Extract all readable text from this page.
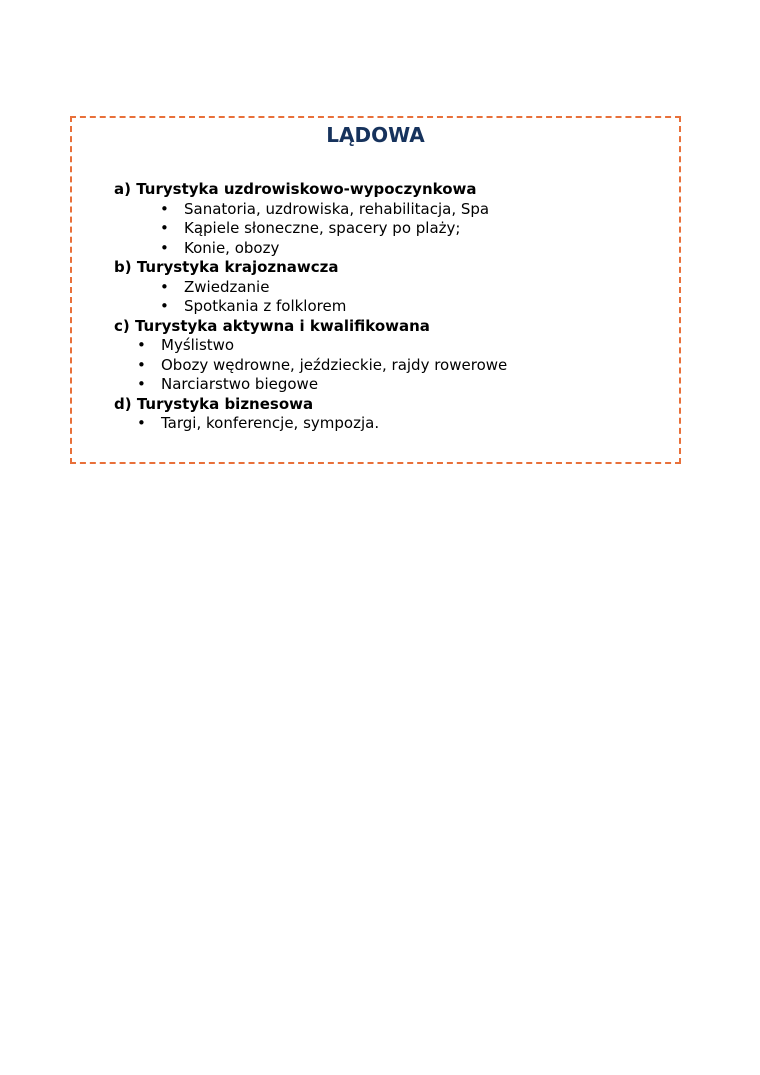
LĄDOWA
a) Turystyka uzdrowiskowo-wypoczynkowa
• Sanatoria, uzdrowiska, rehabilitacja, Spa
• Kąpiele słoneczne, spacery po plaży;
• Konie, obozy
b) Turystyka krajoznawcza
• Zwiedzanie
• Spotkania z folklorem
c) Turystyka aktywna i kwalifikowana
• Myślistwo
• Obozy wędrowne, jeździeckie, rajdy rowerowe
• Narciarstwo biegowe
d) Turystyka biznesowa
• Targi, konferencje, sympozja.
